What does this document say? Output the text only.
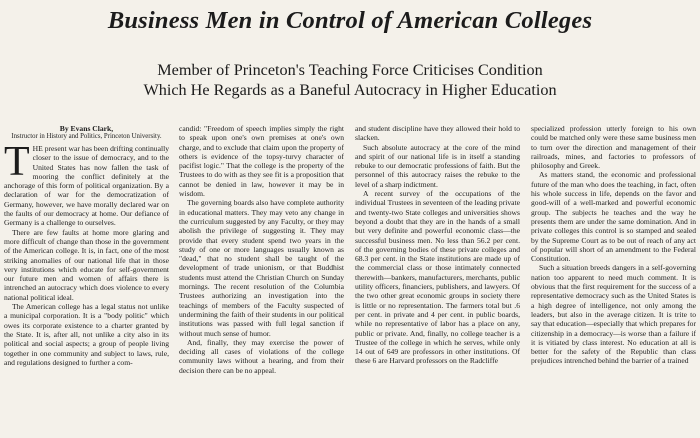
Business Men in Control of American Colleges
Member of Princeton's Teaching Force Criticises Condition
Which He Regards as a Baneful Autocracy in Higher Education
By Evans Clark,
Instructor in History and Politics, Princeton University.

THE present war has been drifting continually closer to the issue of democracy, and to the United States has now fallen the task of mooring the conflict definitely at the anchorage of this form of political organization. By a declaration of war for the democratization of Germany, however, we have morally declared war on the faults of our democracy at home. Our defiance of Germany is a challenge to ourselves.

There are few faults at home more glaring and more difficult of change than those in the government of the American college. It is, in fact, one of the most striking anomalies of our national life that in those very institutions which educate for self-government our future men and women of affairs there is intrenched an autocracy which does violence to every national political ideal.

The American college has a legal status not unlike a municipal corporation. It is a "body politic" which owes its corporate existence to a charter granted by the State. It is, after all, not unlike a city also in its political and social aspects; a group of people living together in one community and subject to laws, rule, and regulations designed to further a com-

candid: "Freedom of speech implies simply the right to speak upon one's own premises at one's own charge, and to exclude that claim upon the property of others is evidence of the topsy-turvy character of pacifist logic." That the college is the property of the Trustees to do with as they see fit is a proposition that cannot be denied in law, however it may be in wisdom.

The governing boards also have complete authority in educational matters. They may veto any change in the curriculum suggested by any Faculty, or they may abolish the privilege of suggesting it. They may provide that every student spend two years in the study of one or more languages usually known as "dead," that no student shall be taught of the development of trade unionism, or that Buddhist students must attend the Christian Church on Sunday mornings. The recent resolution of the Columbia Trustees authorizing an investigation into the teachings of members of the Faculty suspected of undermining the faith of their students in our political institutions was passed with full legal sanction if without much sense of humor.

And, finally, they may exercise the power of deciding all cases of violations of the college community laws without a hearing, and from their decision there can be no appeal.

and student discipline have they allowed their hold to slacken.

Such absolute autocracy at the core of the mind and spirit of our national life is in itself a standing rebuke to our democratic professions of faith. But the personnel of this autocracy raises the rebuke to the level of a sharp indictment.

A recent survey of the occupations of the individual Trustees in seventeen of the leading private and twenty-two State colleges and universities shows beyond a doubt that they are in the hands of a small but very definite and powerful economic class—the successful business men. No less than 56.2 per cent. of the governing bodies of these private colleges and 68.3 per cent. in the State institutions are made up of the commercial class or those intimately connected therewith—bankers, manufacturers, merchants, public utility officers, financiers, publishers, and lawyers. Of the two other great economic groups in society there is little or no representation. The farmers total but .6 per cent. in private and 4 per cent. in public boards, while no representative of labor has a place on any, public or private. And, finally, no college teacher is a Trustee of the college in which he serves, while only 14 out of 649 are professors in other institutions. Of these 6 are Harvard professors on the Radcliffe

specialized profession utterly foreign to his own could be matched only were these same business men to turn over the direction and management of their railroads, mines, and factories to professors of philosophy and Greek.

As matters stand, the economic and professional future of the man who does the teaching, in fact, often his whole success in life, depends on the favor and good-will of a well-marked and powerful economic group. The subjects he teaches and the way he presents them are under the same domination. And in private colleges this control is so stamped and sealed by the Supreme Court as to be out of reach of any act of popular will short of an amendment to the Federal Constitution.

Such a situation breeds dangers in a self-governing nation too apparent to need much comment. It is obvious that the first requirement for the success of a representative democracy such as the United States is a high degree of intelligence, not only among the leaders, but also in the average citizen. It is trite to say that education—especially that which prepares for citizenship in a democracy—is worse than a failure if it is vitiated by class interest. No education at all is better for the safety of the Republic than class prejudices intrenched behind the barrier of a trained
